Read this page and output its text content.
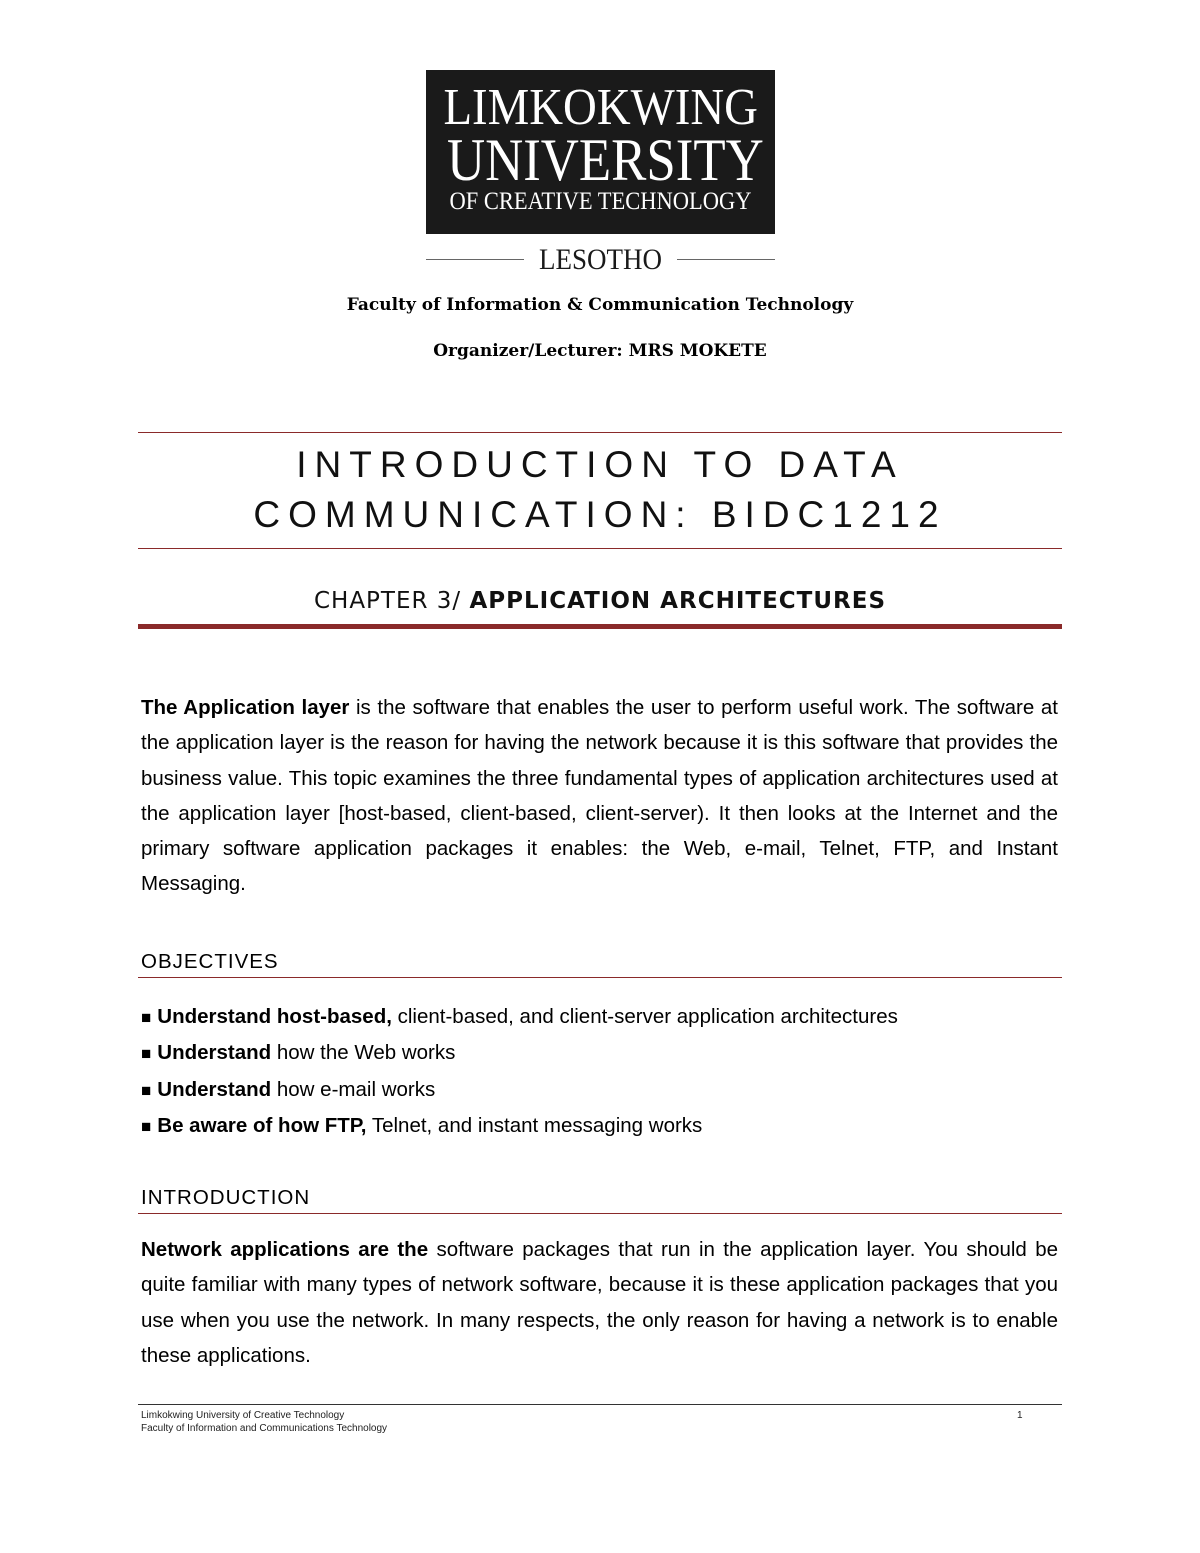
LIMKOKWING
UNIVERSITY
OF CREATIVE TECHNOLOGY
LESOTHO
Faculty of Information & Communication Technology
Organizer/Lecturer: MRS MOKETE
INTRODUCTION TO DATA
COMMUNICATION: BIDC1212
CHAPTER 3/ APPLICATION ARCHITECTURES
The Application layer is the software that enables the user to perform useful work. The software at the application layer is the reason for having the network because it is this software that provides the business value. This topic examines the three fundamental types of application architectures used at the application layer [host-based, client-based, client-server). It then looks at the Internet and the primary software application packages it enables: the Web, e-mail, Telnet, FTP, and Instant Messaging.
OBJECTIVES
■ Understand host-based, client-based, and client-server application architectures
■ Understand how the Web works
■ Understand how e-mail works
■ Be aware of how FTP, Telnet, and instant messaging works
INTRODUCTION
Network applications are the software packages that run in the application layer. You should be quite familiar with many types of network software, because it is these application packages that you use when you use the network. In many respects, the only reason for having a network is to enable these applications.
Limkokwing University of Creative Technology
Faculty of Information and Communications Technology
1
